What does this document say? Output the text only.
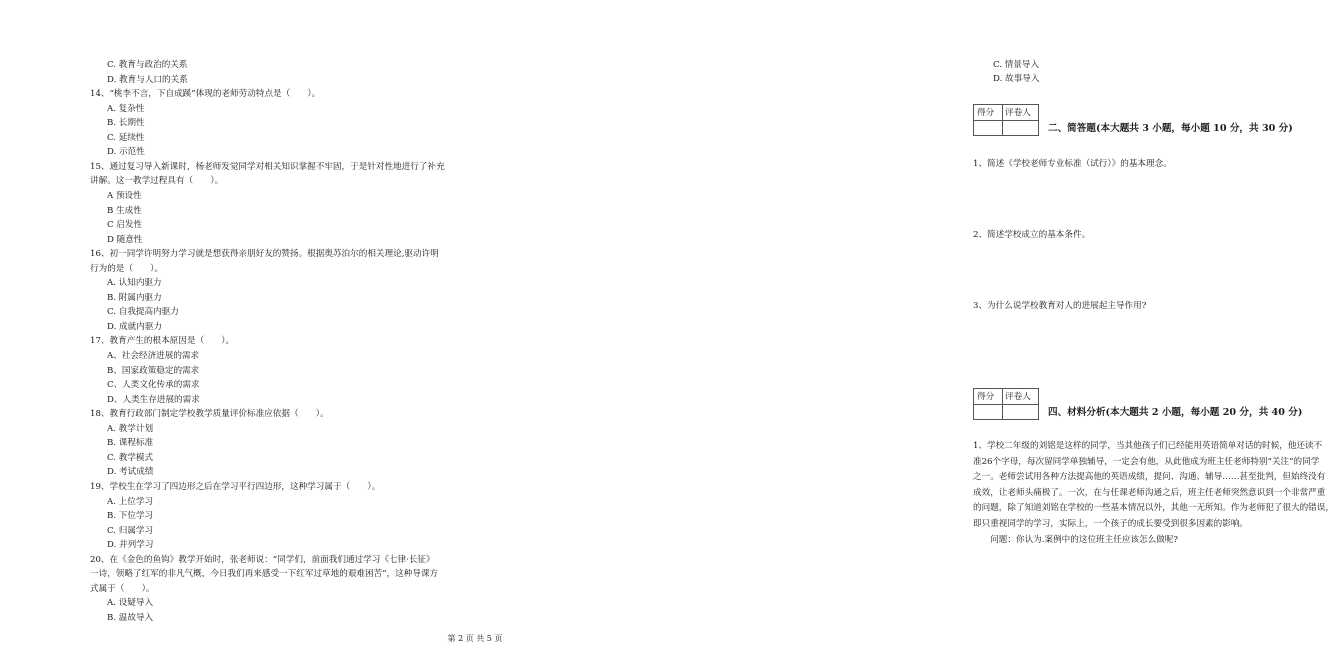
C. 教育与政治的关系
D. 教育与人口的关系
14、“桃李不言，下自成蹊”体现的老师劳动特点是（　　）。
A. 复杂性
B. 长期性
C. 延续性
D. 示范性
15、通过复习导入新课时，杨老师发觉同学对相关知识掌握不牢固，于是针对性地进行了补充
讲解。这一教学过程具有（　　）。
A 预设性
B 生成性
C 启发性
D 随意性
16、初一同学许明努力学习就是想获得亲朋好友的赞扬。根据奥苏泊尔的相关理论,驱动许明
行为的是（　　）。
A. 认知内驱力
B. 附属内驱力
C. 自我提高内驱力
D. 成就内驱力
17、教育产生的根本原因是（　　）。
A、社会经济进展的需求
B、国家政策稳定的需求
C、人类文化传承的需求
D、人类生存进展的需求
18、教育行政部门制定学校教学质量评价标准应依据（　　）。
A. 教学计划
B. 课程标准
C. 教学模式
D. 考试成绩
19、学校生在学习了四边形之后在学习平行四边形，这种学习属于（　　）。
A. 上位学习
B. 下位学习
C. 归属学习
D. 并列学习
20、在《金色的鱼钩》教学开始时，张老师说：“同学们，前面我们通过学习《七律·长征》
一诗，领略了红军的非凡气概，今日我们再来感受一下红军过草地的艰难困苦”，这种导课方
式属于（　　）。
A. 设疑导入
B. 温故导入
C. 情景导入
D. 故事导入
得分 评卷人
二、简答题(本大题共 3 小题，每小题 10 分，共 30 分)
1、简述《学校老师专业标准（试行）》的基本理念。
2、简述学校成立的基本条件。
3、为什么说学校教育对人的进展起主导作用?
得分 评卷人
四、材料分析(本大题共 2 小题，每小题 20 分，共 40 分)
1、学校二年级的刘铭是这样的同学，当其他孩子们已经能用英语简单对话的时候，他还读不
准26个字母，每次留同学单独辅导，一定会有他，从此他成为班主任老师特别“关注”的同学
之一。老师尝试用各种方法提高他的英语成绩，提问、沟通、辅导……甚至批判，但始终没有
成效，让老师头痛极了。一次，在与任课老师沟通之后，班主任老师突然意识到一个非常严重
的问题，除了知道刘铭在学校的一些基本情况以外，其他一无所知。作为老师犯了很大的错误，
即只重视同学的学习，实际上，一个孩子的成长要受到很多因素的影响。
　　问题：你认为.案例中的这位班主任应该怎么做呢?
第 2 页 共 5 页
